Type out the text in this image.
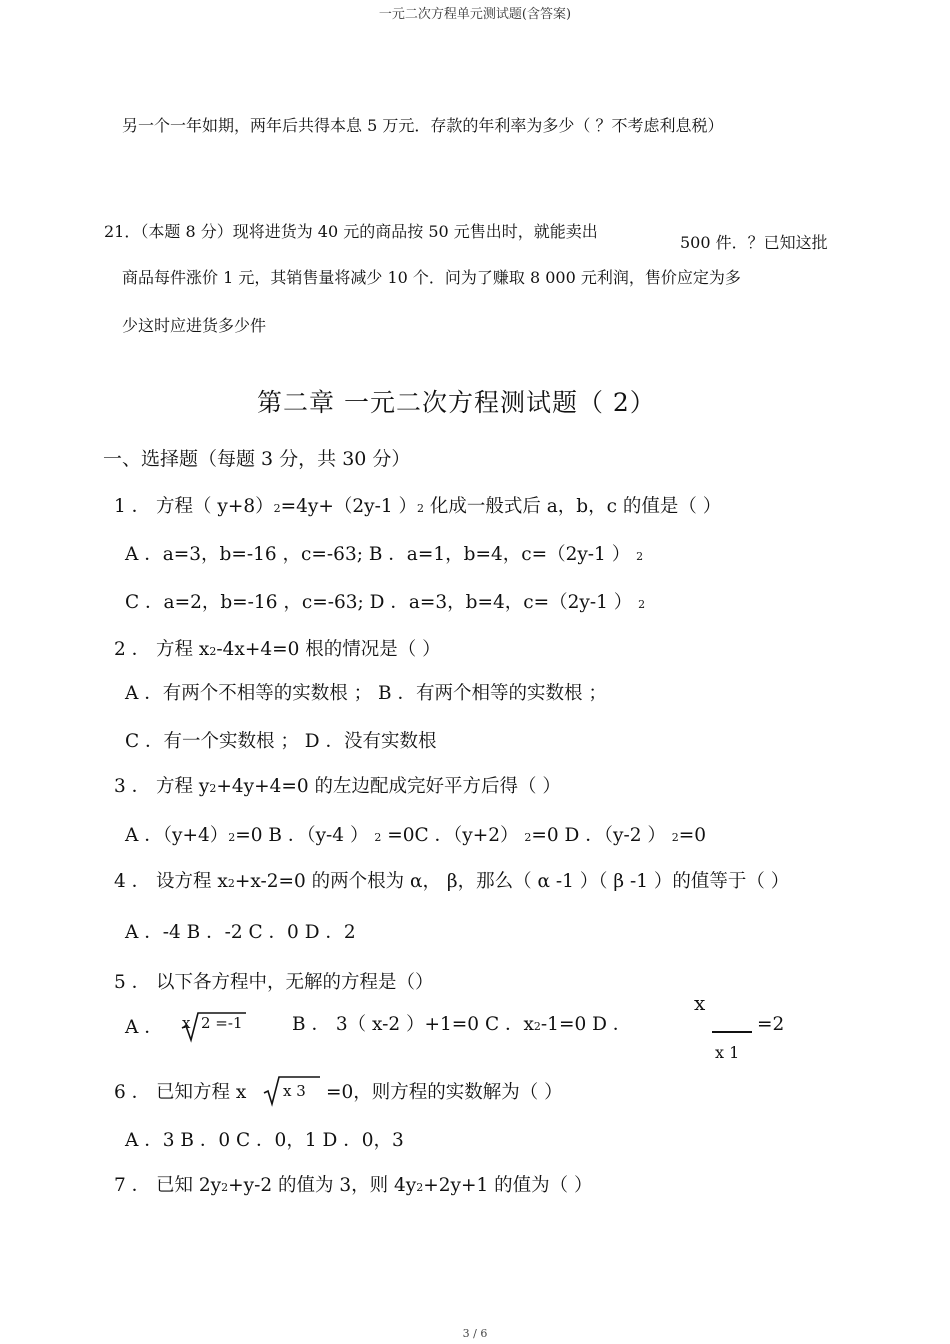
一元二次方程单元测试题(含答案)
另一个一年如期，两年后共得本息 5 万元．存款的年利率为多少（ ？不考虑利息税）
21．（本题 8 分）现将进货为 40 元的商品按 50 元售出时，就能卖出
500 件．？已知这批
商品每件涨价 1 元，其销售量将减少 10 个．问为了赚取 8 000 元利润，售价应定为多
少这时应进货多少件
第二章 一元二次方程测试题（ 2）
一、选择题（每题 3 分，共 30 分）
1 ． 方程（ y+8）2=4y+（2y-1 ）2 化成一般式后 a，b，c 的值是（ ）
A ．a=3，b=-16 ，c=-63; B ．a=1，b=4，c=（2y-1 ） 2
C ．a=2，b=-16 ，c=-63; D ．a=3，b=4，c=（2y-1 ） 2
2 ． 方程 x2-4x+4=0 根的情况是（ ）
A ．有两个不相等的实数根 ； B ．有两个相等的实数根 ；
C ．有一个实数根 ； D ．没有实数根
3 ． 方程 y2+4y+4=0 的左边配成完好平方后得（ ）
A ．（y+4）2=0 B ．（y-4 ） 2 =0C ．（y+2） 2=0 D ．（y-2 ） 2=0
4 ． 设方程 x2+x-2=0 的两个根为 α， β，那么（ α -1 ）（ β -1 ）的值等于（ ）
A ．-4 B ．-2 C ．0 D ．2
5 ． 以下各方程中，无解的方程是（）
A ． x 2 =-1	B ． 3（ x-2 ）+1=0 C ．x2-1=0 D ．
x
=2
x 1
6 ． 已知方程 x x 3 =0，则方程的实数解为（ ）
A ．3 B ．0 C ．0，1 D ．0，3
7 ． 已知 2y2+y-2 的值为 3，则 4y2+2y+1 的值为（ ）
3 / 6
